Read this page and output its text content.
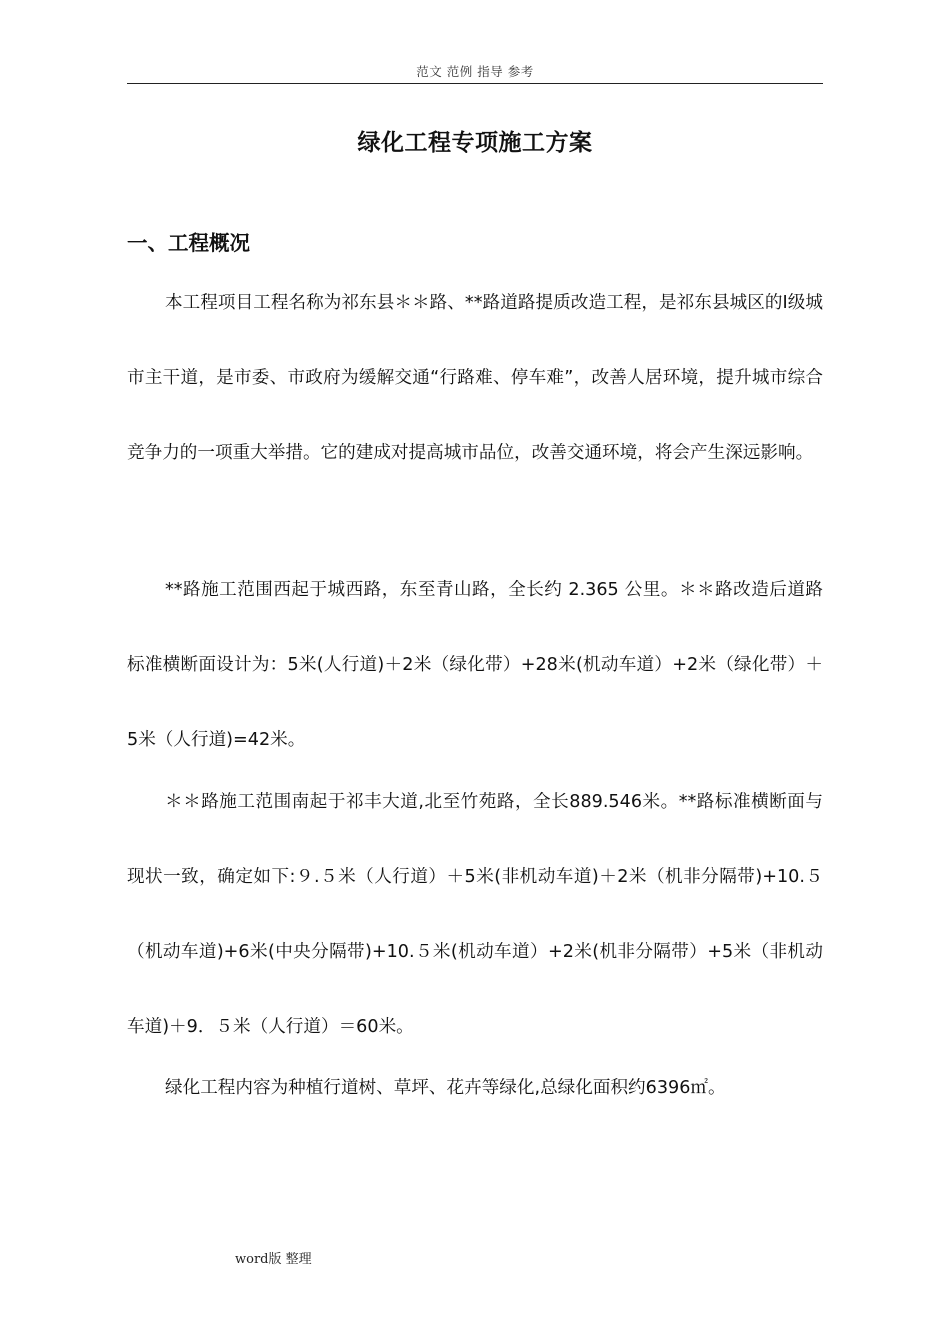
范文 范例 指导 参考
绿化工程专项施工方案
一、工程概况

本工程项目工程名称为祁东县＊＊路、**路道路提质改造工程，是祁东县城区的Ⅰ级城市主干道，是市委、市政府为缓解交通“行路难、停车难”，改善人居环境，提升城市综合竞争力的一项重大举措。它的建成对提高城市品位，改善交通环境，将会产生深远影响。

**路施工范围西起于城西路，东至青山路，全长约 2.365 公里。＊＊路改造后道路标准横断面设计为：5米(人行道)＋2米（绿化带）+28米(机动车道）+2米（绿化带）＋5米（人行道)=42米。

＊＊路施工范围南起于祁丰大道,北至竹苑路，全长889.546米。**路标准横断面与现状一致，确定如下:９.５米（人行道）＋5米(非机动车道)＋2米（机非分隔带)+10.５（机动车道)+6米(中央分隔带)+10.５米(机动车道）+2米(机非分隔带）+5米（非机动车道)＋9．５米（人行道）＝60米。

绿化工程内容为种植行道树、草坪、花卉等绿化,总绿化面积约6396㎡。

word版 整理
